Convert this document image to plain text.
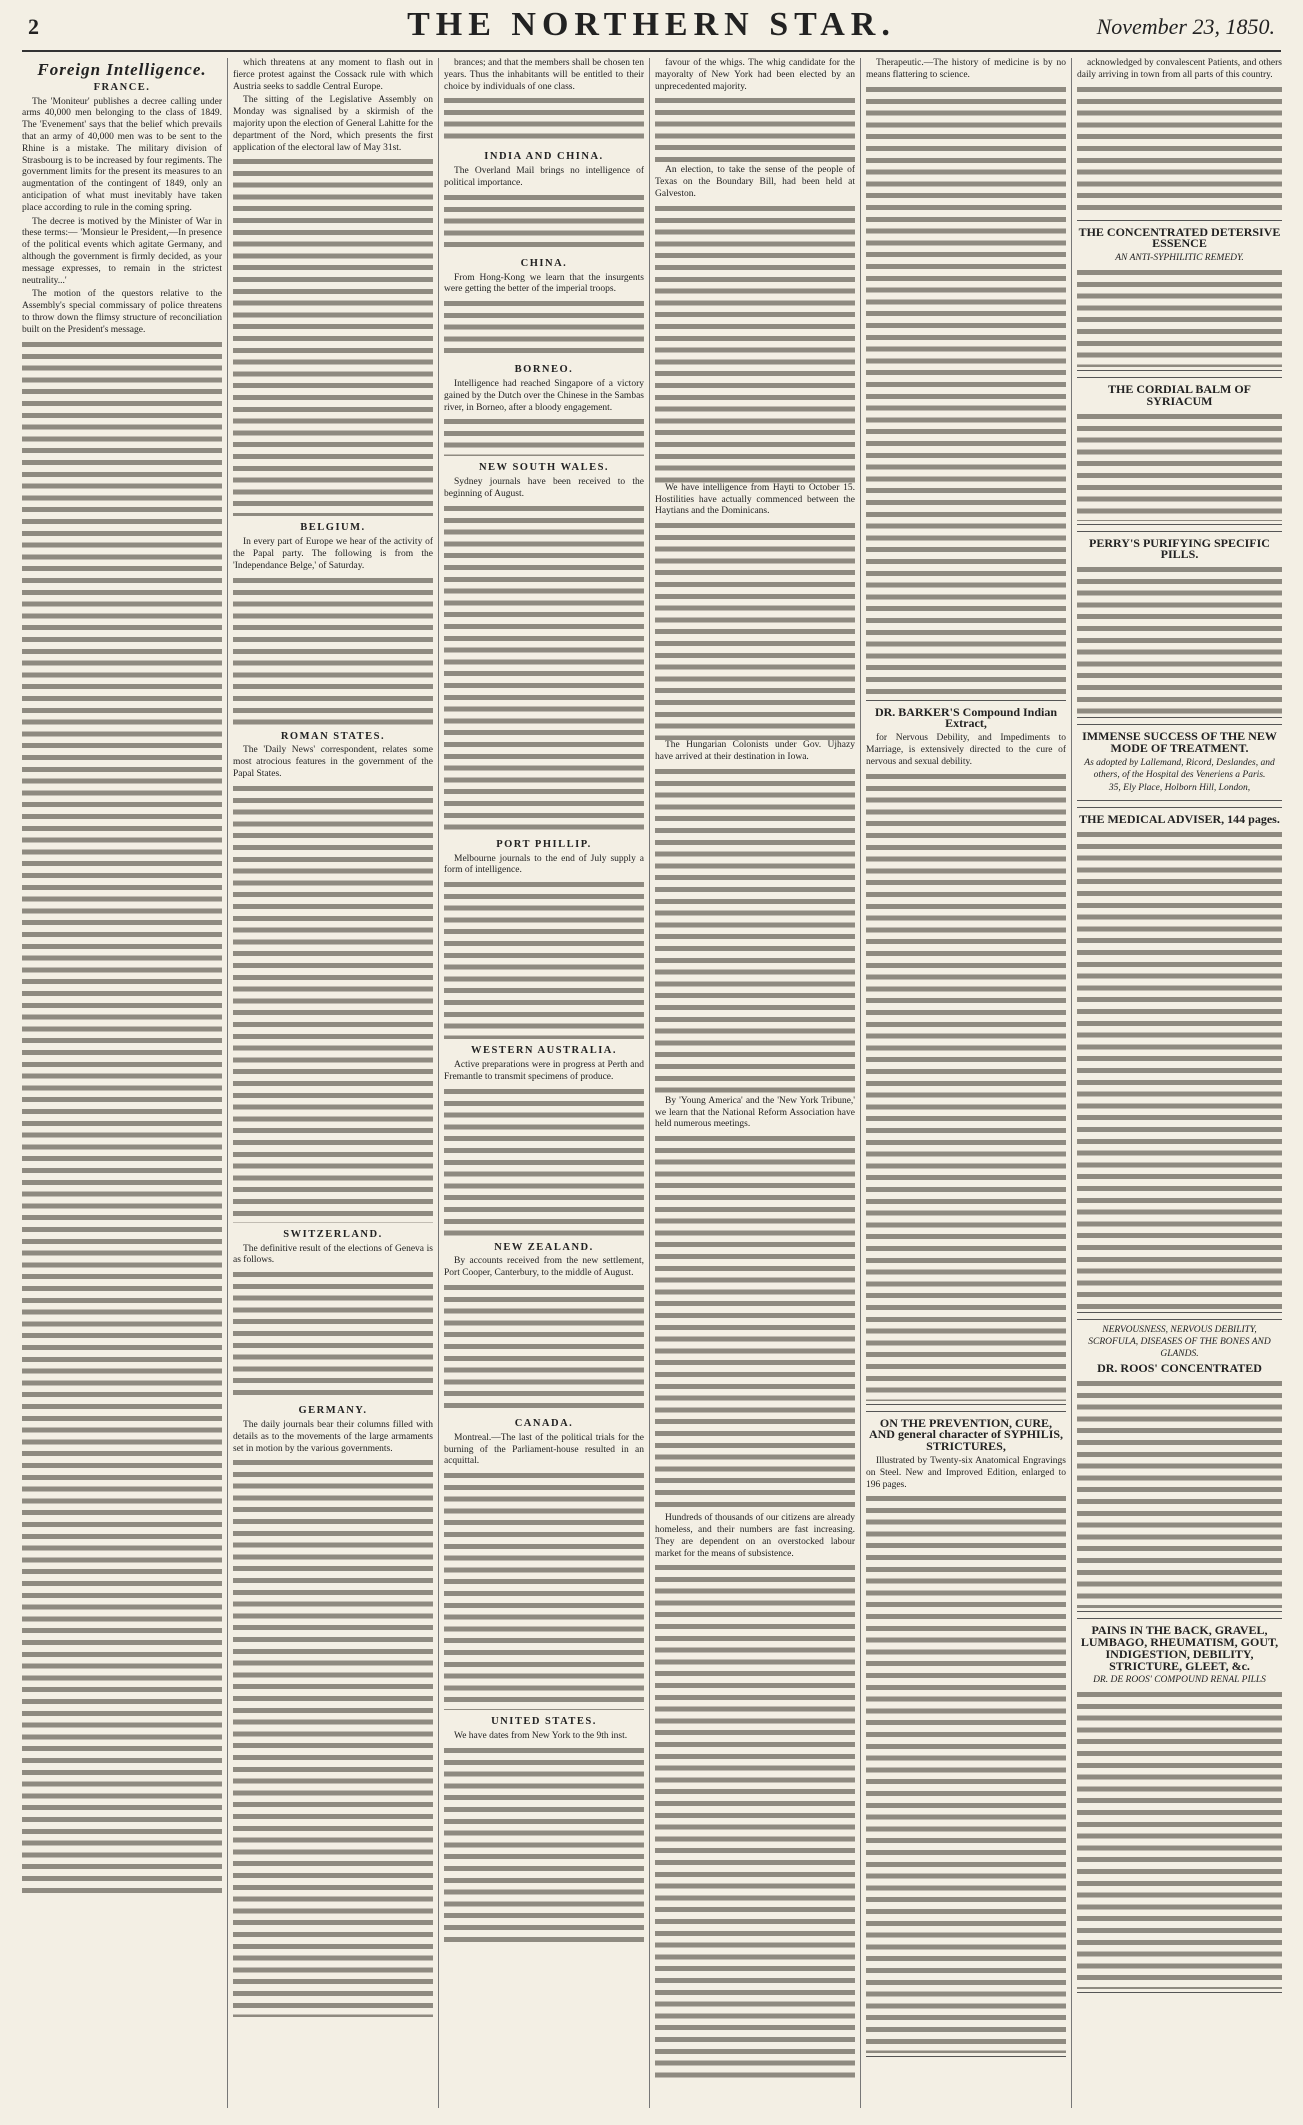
2	THE NORTHERN STAR.	November 23, 1850.
Foreign Intelligence.
FRANCE.

The 'Moniteur' publishes a decree calling under arms 40,000 men belonging to the class of 1849. The 'Evenement' says that the belief which prevails that an army of 40,000 men was to be sent to the Rhine is a mistake. The military division of Strasbourg is to be increased by four regiments. The government limits for the present its measures to an augmentation of the contingent of 1849, only an anticipation of what must inevitably have taken place according to rule in the coming spring.

The decree is motived by the Minister of War in these terms:— 'Monsieur le President,—In presence of the political events which agitate Germany, and although the government is firmly decided, as your message expresses, to remain in the strictest neutrality...'

The motion of the questors relative to the Assembly's special commissary of police threatens to throw down the flimsy structure of reconciliation built on the President's message.

which threatens at any moment to flash out in fierce protest against the Cossack rule with which Austria seeks to saddle Central Europe.

The sitting of the Legislative Assembly on Monday was signalised by a skirmish of the majority upon the election of General Lahitte for the department of the Nord, which presents the first application of the electoral law of May 31st.

BELGIUM.

In every part of Europe we hear of the activity of the Papal party. The following is from the 'Independance Belge,' of Saturday.

ROMAN STATES.

The 'Daily News' correspondent, relates some most atrocious features in the government of the Papal States.

SWITZERLAND.

The definitive result of the elections of Geneva is as follows.

GERMANY.

The daily journals bear their columns filled with details as to the movements of the large armaments set in motion by the various governments.

brances; and that the members shall be chosen ten years. Thus the inhabitants will be entitled to their choice by individuals of one class.

INDIA AND CHINA.

The Overland Mail brings no intelligence of political importance.

CHINA.

From Hong-Kong we learn that the insurgents were getting the better of the imperial troops.

BORNEO.

Intelligence had reached Singapore of a victory gained by the Dutch over the Chinese in the Sambas river, in Borneo, after a bloody engagement.

NEW SOUTH WALES.

Sydney journals have been received to the beginning of August.

PORT PHILLIP.

Melbourne journals to the end of July supply a form of intelligence.

WESTERN AUSTRALIA.

Active preparations were in progress at Perth and Fremantle to transmit specimens of produce.

NEW ZEALAND.

By accounts received from the new settlement, Port Cooper, Canterbury, to the middle of August.

CANADA.

Montreal.—The last of the political trials for the burning of the Parliament-house resulted in an acquittal.

UNITED STATES.

We have dates from New York to the 9th inst.

favour of the whigs. The whig candidate for the mayoralty of New York had been elected by an unprecedented majority.

An election, to take the sense of the people of Texas on the Boundary Bill, had been held at Galveston.

We have intelligence from Hayti to October 15. Hostilities have actually commenced between the Haytians and the Dominicans.

The Hungarian Colonists under Gov. Ujhazy have arrived at their destination in Iowa.

By 'Young America' and the 'New York Tribune,' we learn that the National Reform Association have held numerous meetings.

Hundreds of thousands of our citizens are already homeless, and their numbers are fast increasing. They are dependent on an overstocked labour market for the means of subsistence.

Therapeutic.—The history of medicine is by no means flattering to science.

DR. BARKER'S Compound Indian Extract,

for Nervous Debility, and Impediments to Marriage, is extensively directed to the cure of nervous and sexual debility.

ON THE PREVENTION, CURE, AND general character of SYPHILIS, STRICTURES,

Illustrated by Twenty-six Anatomical Engravings on Steel. New and Improved Edition, enlarged to 196 pages.

acknowledged by convalescent Patients, and others daily arriving in town from all parts of this country.

THE CONCENTRATED DETERSIVE ESSENCE
AN ANTI-SYPHILITIC REMEDY.
THE CORDIAL BALM OF SYRIACUM
PERRY'S PURIFYING SPECIFIC PILLS.
IMMENSE SUCCESS OF THE NEW MODE OF TREATMENT.
As adopted by Lallemand, Ricord, Deslandes, and others, of the Hospital des Veneriens a Paris.
35, Ely Place, Holborn Hill, London,
THE MEDICAL ADVISER, 144 pages.
NERVOUSNESS, NERVOUS DEBILITY, SCROFULA, DISEASES OF THE BONES AND GLANDS.
DR. ROOS' CONCENTRATED
PAINS IN THE BACK, GRAVEL, LUMBAGO, RHEUMATISM, GOUT, INDIGESTION, DEBILITY, STRICTURE, GLEET, &c.
DR. DE ROOS' COMPOUND RENAL PILLS
